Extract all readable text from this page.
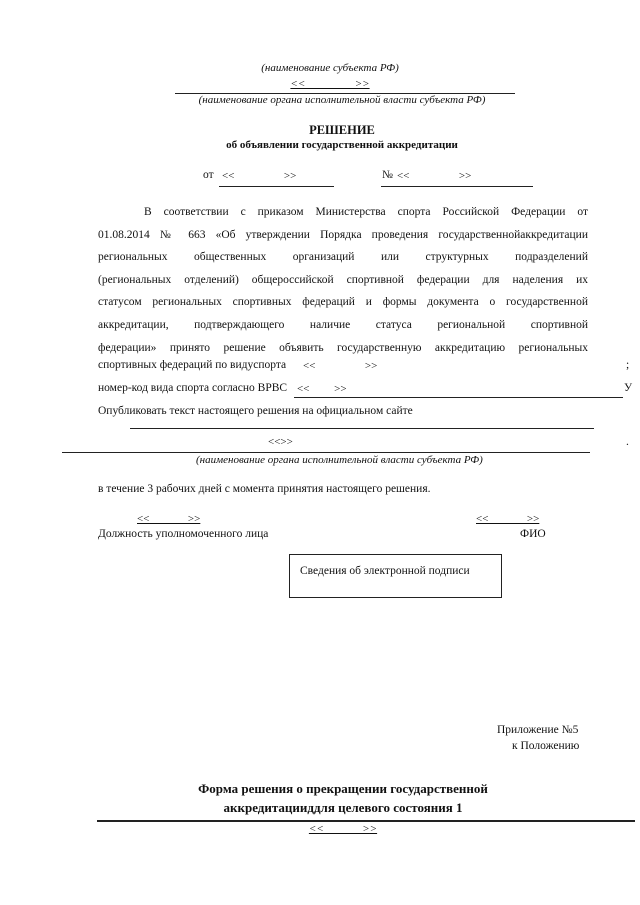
(наименование субъекта РФ)
<<                  >>
(наименование органа исполнительной власти субъекта РФ)
РЕШЕНИЕ
об объявлении государственной аккредитации
от <<                  >>	№ <<                  >>
В соответствии с приказом Министерства спорта Российской Федерации от
01.08.2014 № 663 «Об утверждении Порядка проведения государственнойаккредитации
региональных общественных организаций или структурных подразделений
(региональных отделений) общероссийской спортивной федерации для наделения их
статусом региональных спортивных федераций и формы документа о государственной
аккредитации, подтверждающего наличие статуса региональной спортивной
федерации» принято решение объявить государственную аккредитацию региональных
спортивных федераций по видуспорта <<                  >>	;
номер-код вида спорта согласно ВРВС <<         >>	У
Опубликовать текст настоящего решения на официальном сайте
<<>>	.
(наименование органа исполнительной власти субъекта РФ)
в течение 3 рабочих дней с момента принятия настоящего решения.
<<              >>
Должность уполномоченного лица
<<              >>
ФИО
Сведения об электронной подписи
Приложение №5
к Положению
Форма решения о прекращении государственной
аккредитацииддля целевого состояния 1
<<              >>
